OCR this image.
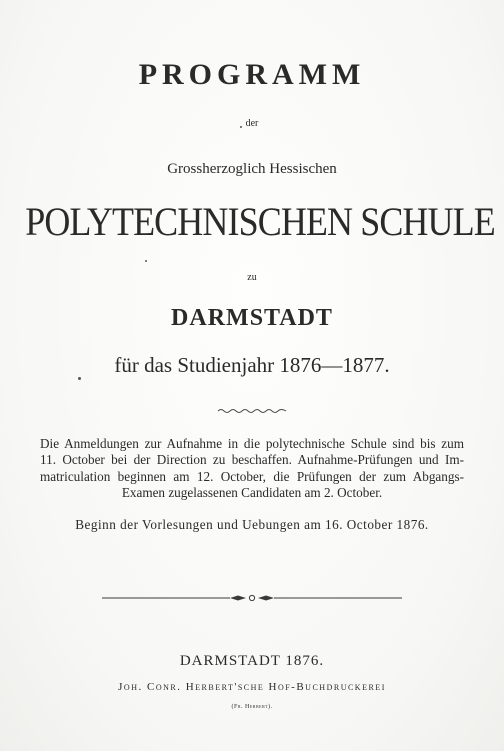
PROGRAMM
der
Grossherzoglich Hessischen
POLYTECHNISCHEN SCHULE
zu
DARMSTADT
für das Studienjahr 1876—1877.
Die Anmeldungen zur Aufnahme in die polytechnische Schule sind bis zum
11. October bei der Direction zu beschaffen. Aufnahme-Prüfungen und Im-
matriculation beginnen am 12. October, die Prüfungen der zum Abgangs-
Examen zugelassenen Candidaten am 2. October.
Beginn der Vorlesungen und Uebungen am 16. October 1876.
DARMSTADT 1876.
Joh. Conr. Herbert'sche Hof-Buchdruckerei
(Fr. Herbert).
